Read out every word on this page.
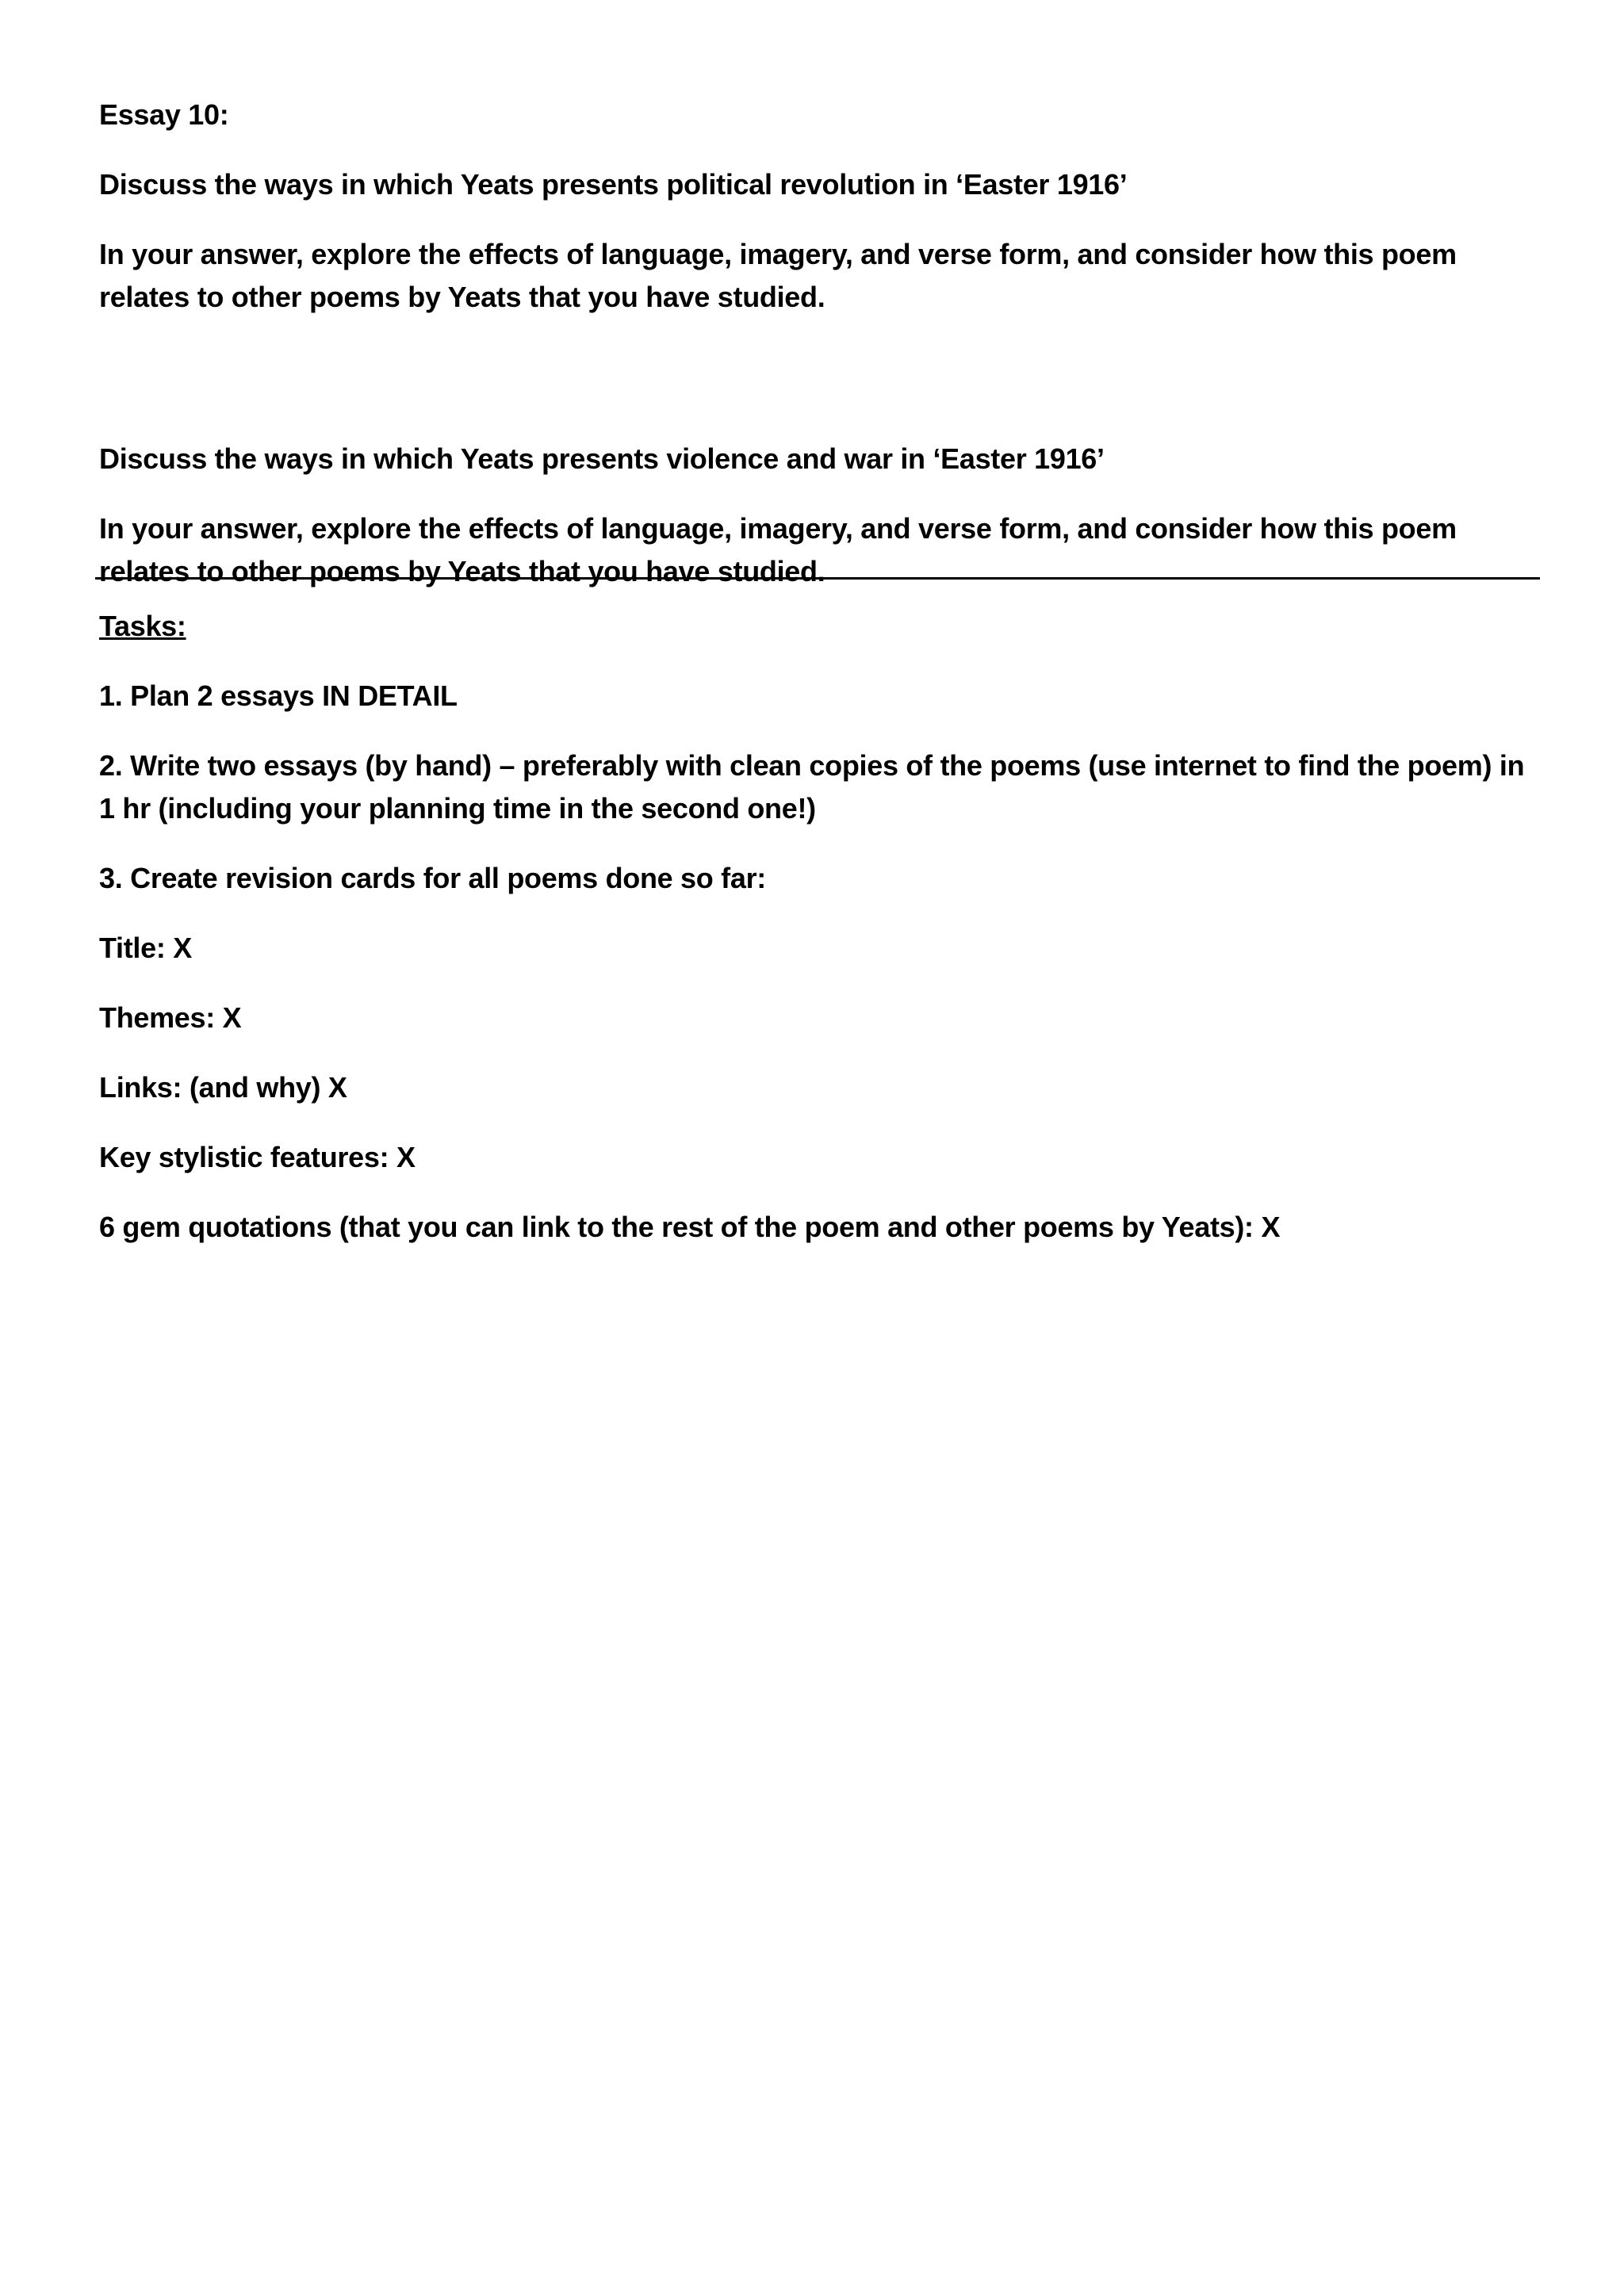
Essay 10:

Discuss the ways in which Yeats presents political revolution in ‘Easter 1916’

In your answer, explore the effects of language, imagery, and verse form, and consider how this poem relates to other poems by Yeats that you have studied.

Discuss the ways in which Yeats presents violence and war in ‘Easter 1916’

In your answer, explore the effects of language, imagery, and verse form, and consider how this poem relates to other poems by Yeats that you have studied.

Tasks:

1. Plan 2 essays IN DETAIL

2. Write two essays (by hand) – preferably with clean copies of the poems (use internet to find the poem) in 1 hr (including your planning time in the second one!)

3. Create revision cards for all poems done so far:

Title: X

Themes: X

Links: (and why) X

Key stylistic features: X

6 gem quotations (that you can link to the rest of the poem and other poems by Yeats): X
